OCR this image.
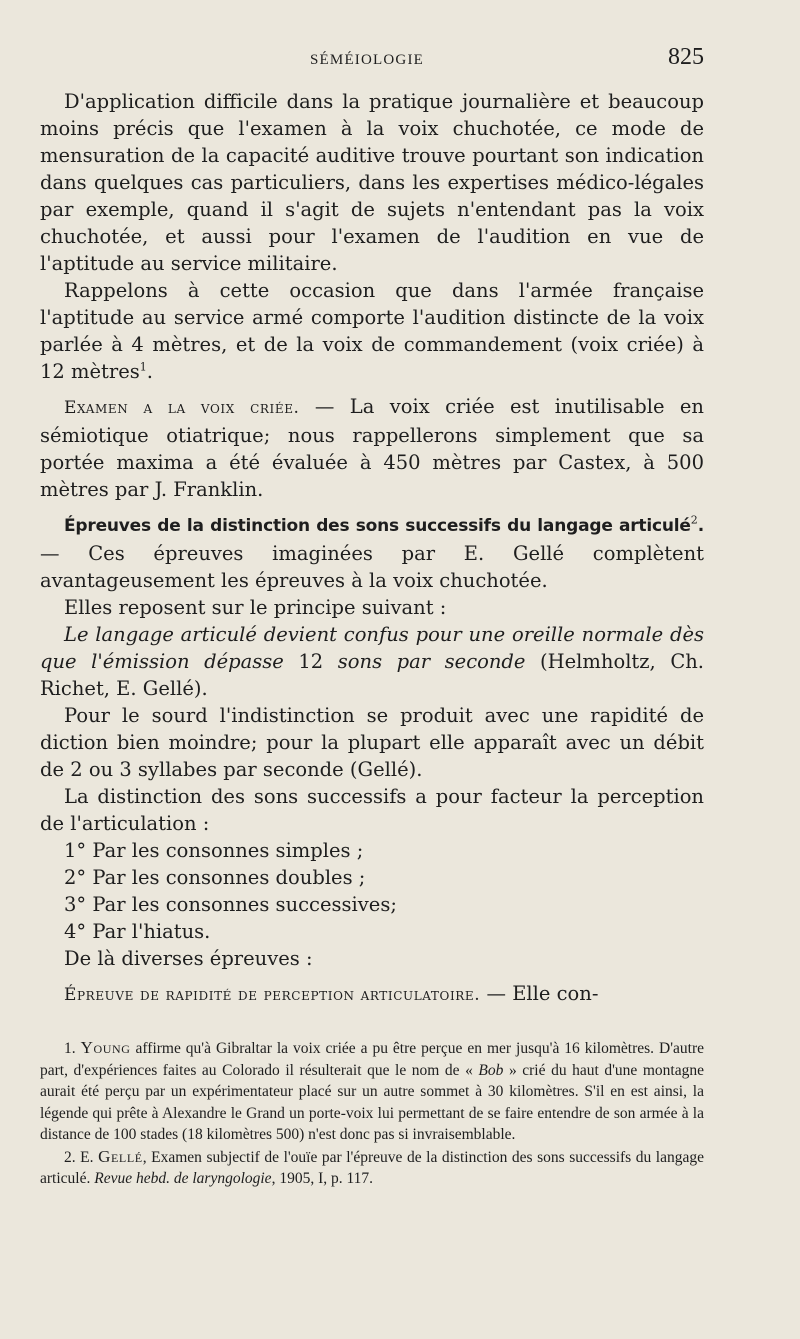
SÉMÉIOLOGIE	825

D'application difficile dans la pratique journalière et beaucoup moins précis que l'examen à la voix chuchotée, ce mode de mensuration de la capacité auditive trouve pourtant son indication dans quelques cas particuliers, dans les expertises médico-légales par exemple, quand il s'agit de sujets n'entendant pas la voix chuchotée, et aussi pour l'examen de l'audition en vue de l'aptitude au service militaire.

Rappelons à cette occasion que dans l'armée française l'aptitude au service armé comporte l'audition distincte de la voix parlée à 4 mètres, et de la voix de commandement (voix criée) à 12 mètres$^1$.

Examen a la voix criée. — La voix criée est inutilisable en sémiotique otiatrique; nous rappellerons simplement que sa portée maxima a été évaluée à 450 mètres par Castex, à 500 mètres par J. Franklin.

Épreuves de la distinction des sons successifs du langage articulé$^2$. — Ces épreuves imaginées par E. Gellé complètent avantageusement les épreuves à la voix chuchotée.

Elles reposent sur le principe suivant :

Le langage articulé devient confus pour une oreille normale dès que l'émission dépasse 12 sons par seconde (Helmholtz, Ch. Richet, E. Gellé).

Pour le sourd l'indistinction se produit avec une rapidité de diction bien moindre; pour la plupart elle apparaît avec un débit de 2 ou 3 syllabes par seconde (Gellé).

La distinction des sons successifs a pour facteur la perception de l'articulation :

1° Par les consonnes simples ;

2° Par les consonnes doubles ;

3° Par les consonnes successives;

4° Par l'hiatus.

De là diverses épreuves :

Épreuve de rapidité de perception articulatoire. — Elle con-

1. Young affirme qu'à Gibraltar la voix criée a pu être perçue en mer jusqu'à 16 kilomètres. D'autre part, d'expériences faites au Colorado il résulterait que le nom de « Bob » crié du haut d'une montagne aurait été perçu par un expérimentateur placé sur un autre sommet à 30 kilomètres. S'il en est ainsi, la légende qui prête à Alexandre le Grand un porte-voix lui permettant de se faire entendre de son armée à la distance de 100 stades (18 kilomètres 500) n'est donc pas si invraisemblable.

2. E. Gellé, Examen subjectif de l'ouïe par l'épreuve de la distinction des sons successifs du langage articulé. Revue hebd. de laryngologie, 1905, I, p. 117.
